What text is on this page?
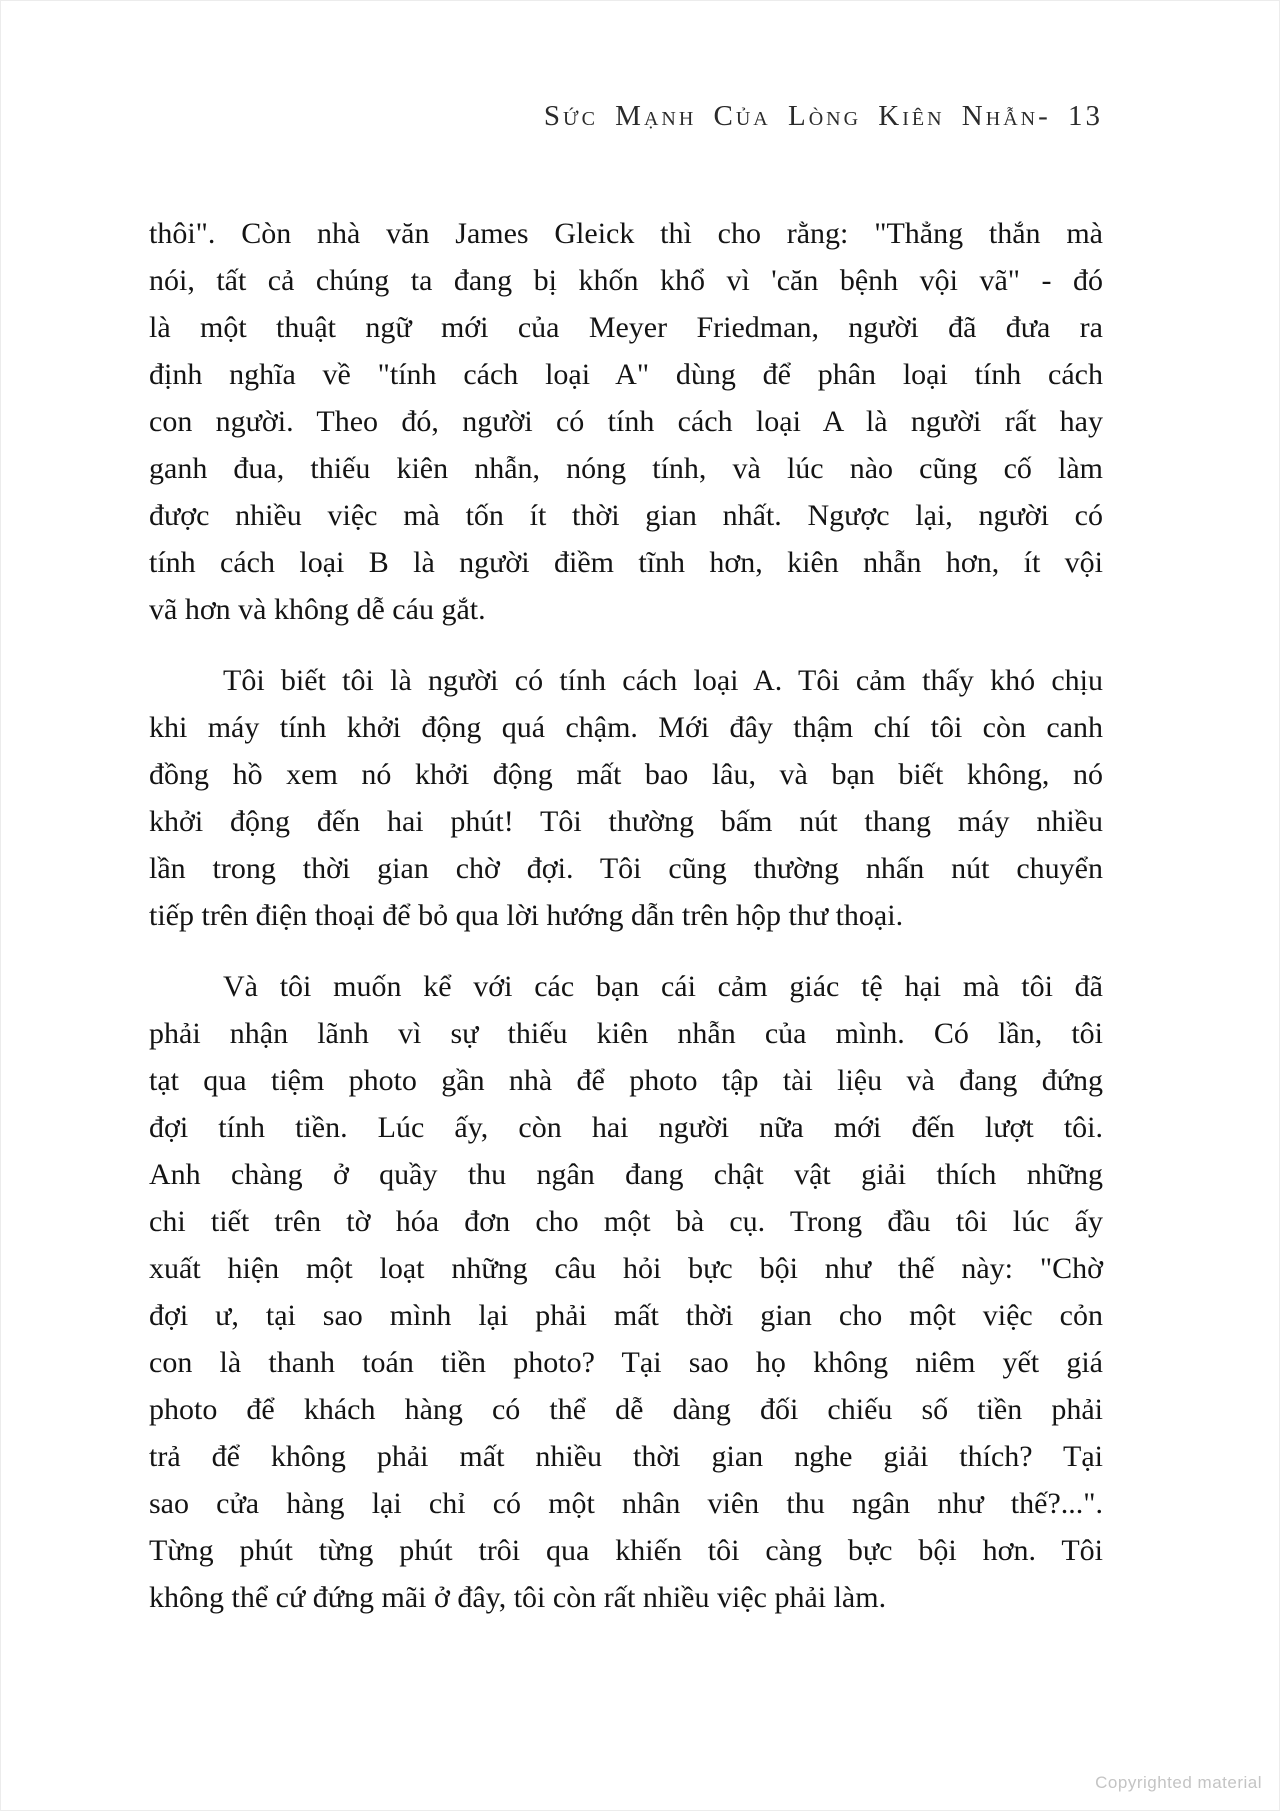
Sức Mạnh Của Lòng Kiên Nhẫn- 13
thôi". Còn nhà văn James Gleick thì cho rằng: "Thẳng thắn mà
nói, tất cả chúng ta đang bị khốn khổ vì 'căn bệnh vội vã" - đó
là một thuật ngữ mới của Meyer Friedman, người đã đưa ra
định nghĩa về "tính cách loại A" dùng để phân loại tính cách
con người. Theo đó, người có tính cách loại A là người rất hay
ganh đua, thiếu kiên nhẫn, nóng tính, và lúc nào cũng cố làm
được nhiều việc mà tốn ít thời gian nhất. Ngược lại, người có
tính cách loại B là người điềm tĩnh hơn, kiên nhẫn hơn, ít vội
vã hơn và không dễ cáu gắt.
Tôi biết tôi là người có tính cách loại A. Tôi cảm thấy khó chịu
khi máy tính khởi động quá chậm. Mới đây thậm chí tôi còn canh
đồng hồ xem nó khởi động mất bao lâu, và bạn biết không, nó
khởi động đến hai phút! Tôi thường bấm nút thang máy nhiều
lần trong thời gian chờ đợi. Tôi cũng thường nhấn nút chuyển
tiếp trên điện thoại để bỏ qua lời hướng dẫn trên hộp thư thoại.
Và tôi muốn kể với các bạn cái cảm giác tệ hại mà tôi đã
phải nhận lãnh vì sự thiếu kiên nhẫn của mình. Có lần, tôi
tạt qua tiệm photo gần nhà để photo tập tài liệu và đang đứng
đợi tính tiền. Lúc ấy, còn hai người nữa mới đến lượt tôi.
Anh chàng ở quầy thu ngân đang chật vật giải thích những
chi tiết trên tờ hóa đơn cho một bà cụ. Trong đầu tôi lúc ấy
xuất hiện một loạt những câu hỏi bực bội như thế này: "Chờ
đợi ư, tại sao mình lại phải mất thời gian cho một việc cỏn
con là thanh toán tiền photo? Tại sao họ không niêm yết giá
photo để khách hàng có thể dễ dàng đối chiếu số tiền phải
trả để không phải mất nhiều thời gian nghe giải thích? Tại
sao cửa hàng lại chỉ có một nhân viên thu ngân như thế?...".
Từng phút từng phút trôi qua khiến tôi càng bực bội hơn. Tôi
không thể cứ đứng mãi ở đây, tôi còn rất nhiều việc phải làm.
Copyrighted material
